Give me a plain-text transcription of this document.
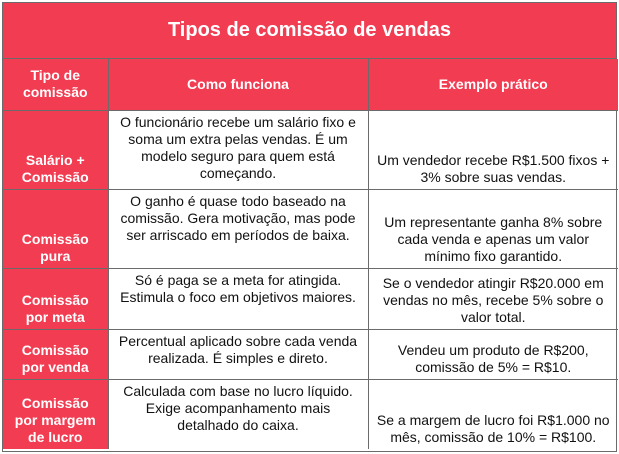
Tipos de comissão de vendas
Tipo de comissão	Como funciona	Exemplo prático
Salário + Comissão	O funcionário recebe um salário fixo e soma um extra pelas vendas. É um modelo seguro para quem está começando.	Um vendedor recebe R$1.500 fixos + 3% sobre suas vendas.
Comissão pura	O ganho é quase todo baseado na comissão. Gera motivação, mas pode ser arriscado em períodos de baixa.	Um representante ganha 8% sobre cada venda e apenas um valor mínimo fixo garantido.
Comissão por meta	Só é paga se a meta for atingida. Estimula o foco em objetivos maiores.	Se o vendedor atingir R$20.000 em vendas no mês, recebe 5% sobre o valor total.
Comissão por venda	Percentual aplicado sobre cada venda realizada. É simples e direto.	Vendeu um produto de R$200, comissão de 5% = R$10.
Comissão por margem de lucro	Calculada com base no lucro líquido. Exige acompanhamento mais detalhado do caixa.	Se a margem de lucro foi R$1.000 no mês, comissão de 10% = R$100.
